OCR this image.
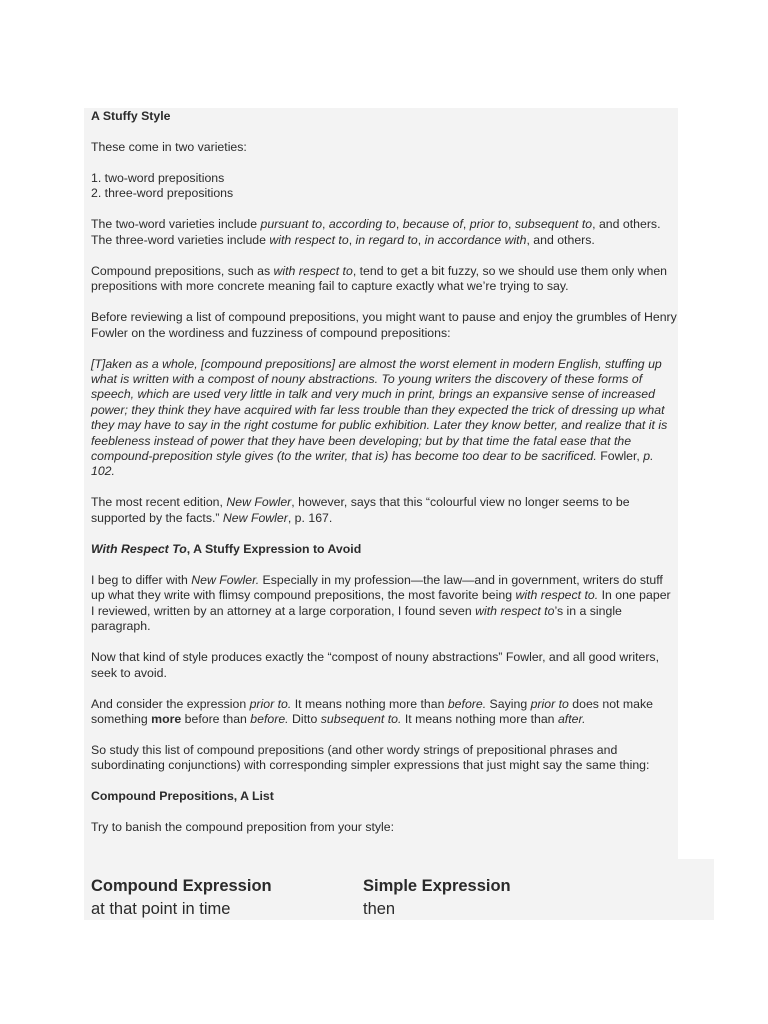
A Stuffy Style

These come in two varieties:

1. two-word prepositions

2. three-word prepositions

The two-word varieties include pursuant to, according to, because of, prior to, subsequent to, and others. The three-word varieties include with respect to, in regard to, in accordance with, and others.

Compound prepositions, such as with respect to, tend to get a bit fuzzy, so we should use them only when prepositions with more concrete meaning fail to capture exactly what we’re trying to say.

Before reviewing a list of compound prepositions, you might want to pause and enjoy the grumbles of Henry Fowler on the wordiness and fuzziness of compound prepositions:

[T]aken as a whole, [compound prepositions] are almost the worst element in modern English, stuffing up what is written with a compost of nouny abstractions. To young writers the discovery of these forms of speech, which are used very little in talk and very much in print, brings an expansive sense of increased power; they think they have acquired with far less trouble than they expected the trick of dressing up what they may have to say in the right costume for public exhibition. Later they know better, and realize that it is feebleness instead of power that they have been developing; but by that time the fatal ease that the compound-preposition style gives (to the writer, that is) has become too dear to be sacrificed. Fowler, p. 102.

The most recent edition, New Fowler, however, says that this “colourful view no longer seems to be supported by the facts.” New Fowler, p. 167.

With Respect To, A Stuffy Expression to Avoid

I beg to differ with New Fowler. Especially in my profession—the law—and in government, writers do stuff up what they write with flimsy compound prepositions, the most favorite being with respect to. In one paper I reviewed, written by an attorney at a large corporation, I found seven with respect to’s in a single paragraph.

Now that kind of style produces exactly the “compost of nouny abstractions” Fowler, and all good writers, seek to avoid.

And consider the expression prior to. It means nothing more than before. Saying prior to does not make something more before than before. Ditto subsequent to. It means nothing more than after.

So study this list of compound prepositions (and other wordy strings of prepositional phrases and subordinating conjunctions) with corresponding simpler expressions that just might say the same thing:

Compound Prepositions, A List

Try to banish the compound preposition from your style:

Compound Expression	Simple Expression
at that point in time	then
